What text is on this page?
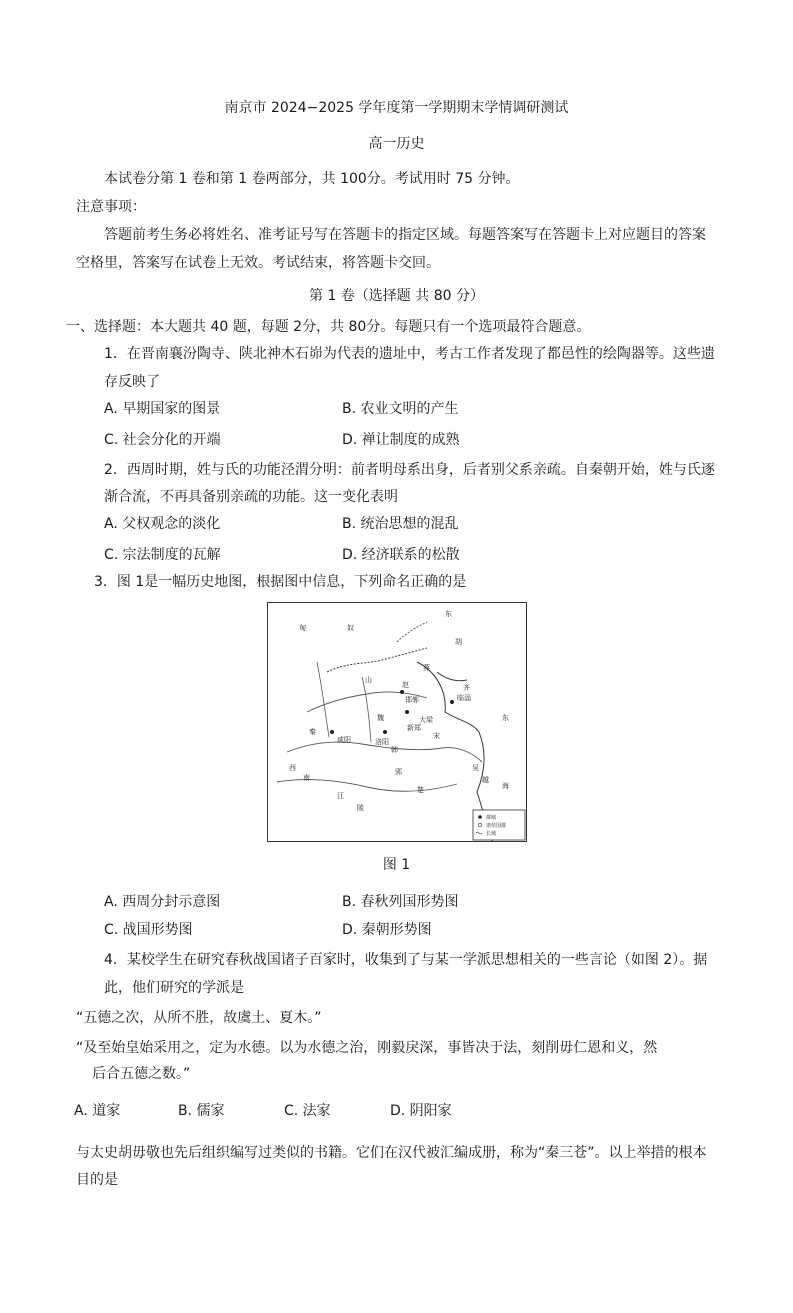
南京市 2024−2025 学年度第一学期期末学情调研测试
高一历史
本试卷分第 1 卷和第 1 卷两部分，共 100分。考试用时 75 分钟。
注意事项：
答题前考生务必将姓名、准考证号写在答题卡的指定区域。每题答案写在答题卡上对应题目的答案
空格里，答案写在试卷上无效。考试结束，将答题卡交回。
第 1 卷（选择题 共 80 分）
一、选择题：本大题共 40 题，每题 2分，共 80分。每题只有一个选项最符合题意。
1．在晋南襄汾陶寺、陕北神木石峁为代表的遗址中，考古工作者发现了都邑性的绘陶器等。这些遗
存反映了
A. 早期国家的图景	B. 农业文明的产生
C. 社会分化的开端	D. 禅让制度的成熟
2．西周时期，姓与氏的功能泾渭分明：前者明母系出身，后者别父系亲疏。自秦朝开始，姓与氏逐
渐合流，不再具备别亲疏的功能。这一变化表明
A. 父权观念的淡化	B. 统治思想的混乱
C. 宗法制度的瓦解	D. 经济联系的松散
3．图 1是一幅历史地图，根据图中信息，下列命名正确的是
匈	奴
东
胡
燕
赵
邯郸	临淄
齐
魏
秦
咸阳	洛阳
韩
楚
越
吴
郢
东
海
江
陵
新郑
大梁
西
南
山
宋
都城
诸侯国都
长城
图 1
A. 西周分封示意图	B. 春秋列国形势图
C. 战国形势图	D. 秦朝形势图
4．某校学生在研究春秋战国诸子百家时，收集到了与某一学派思想相关的一些言论（如图 2）。据
此，他们研究的学派是
“五德之次，从所不胜，故虞土、夏木。”
“及至始皇始采用之，定为水德。以为水德之治，刚毅戾深，事皆决于法，刻削毋仁恩和义，然
后合五德之数。”
A. 道家	B. 儒家	C. 法家	D. 阴阳家
与太史胡毋敬也先后组织编写过类似的书籍。它们在汉代被汇编成册，称为“秦三苍”。以上举措的根本
目的是
